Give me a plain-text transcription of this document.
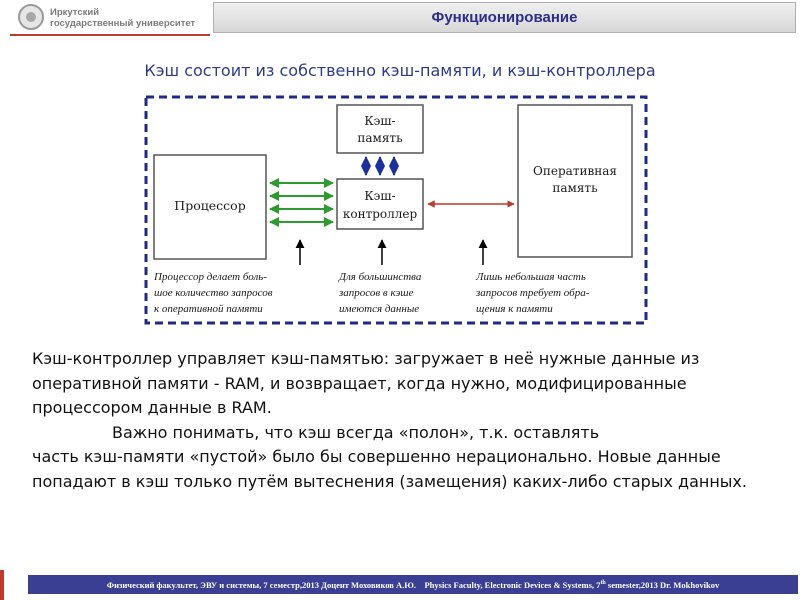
Иркутский
государственный университет	Функционирование
Кэш состоит из собственно кэш-памяти, и кэш-контроллера
Кэш-
память
Процессор
Кэш-
контроллер
Оперативная
память
Процессор делает боль-
шое количество запросов
к оперативной памяти
Для большинства
запросов в кэше
имеются данные
Лишь небольшая часть
запросов требует обра-
щения к памяти

Кэш-контроллер управляет кэш-памятью: загружает в неё нужные данные из оперативной памяти - RAM, и возвращает, когда нужно, модифицированные процессором данные в RAM.

Важно понимать, что кэш всегда «полон», т.к. оставлять

часть кэш-памяти «пустой» было бы совершенно нерационально. Новые данные попадают в кэш только путём вытеснения (замещения) каких-либо старых данных.

Физический факультет, ЭВУ и системы, 7 семестр,2013 Доцент Моховиков А.Ю. Physics Faculty, Electronic Devices & Systems, 7th semester,2013 Dr. Mokhovikov
